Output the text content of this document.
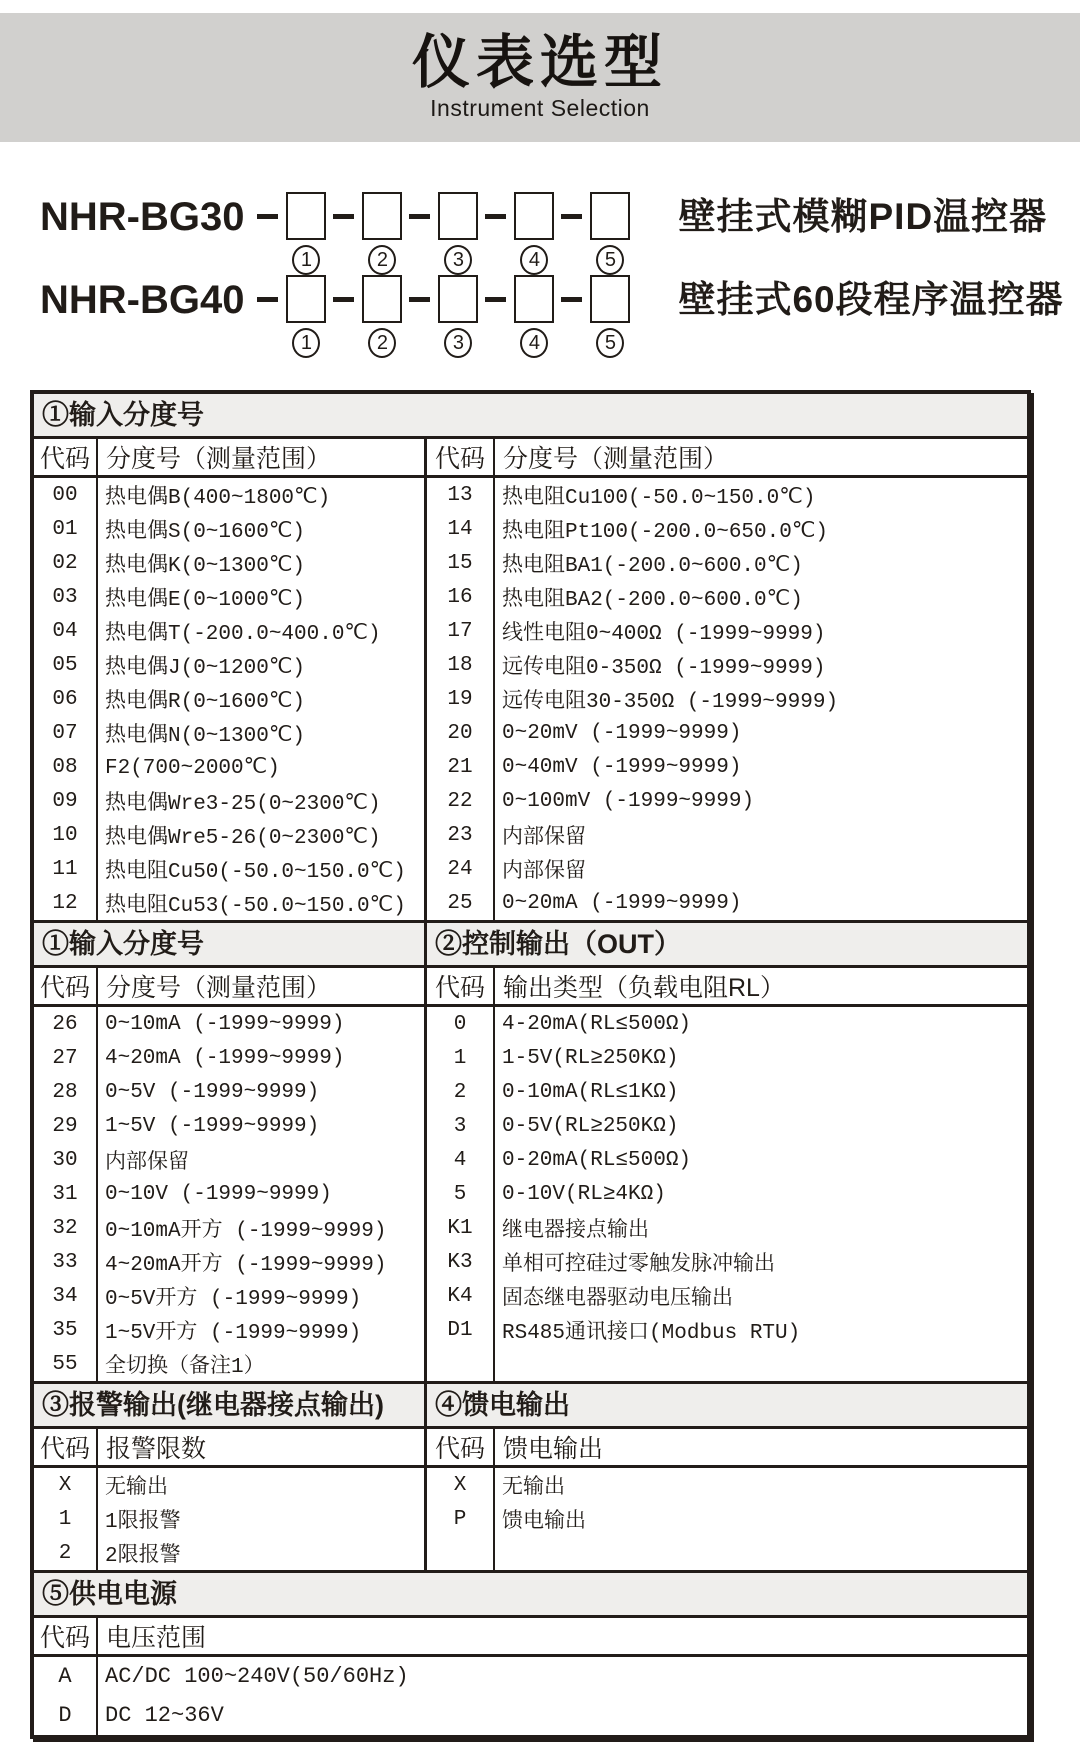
仪表选型
Instrument Selection
NHR-BG30
1	2	3	4	5
壁挂式模糊PID温控器
NHR-BG40
1	2	3	4	5
壁挂式60段程序温控器
①输入分度号
代码 分度号（测量范围）
00	热电偶B(400~1800℃)
01	热电偶S(0~1600℃)
02	热电偶K(0~1300℃)
03	热电偶E(0~1000℃)
04	热电偶T(-200.0~400.0℃)
05	热电偶J(0~1200℃)
06	热电偶R(0~1600℃)
07	热电偶N(0~1300℃)
08	F2(700~2000℃)
09	热电偶Wre3-25(0~2300℃)
10	热电偶Wre5-26(0~2300℃)
11	热电阻Cu50(-50.0~150.0℃)
12	热电阻Cu53(-50.0~150.0℃)
代码 分度号（测量范围）
13	热电阻Cu100(-50.0~150.0℃)
14	热电阻Pt100(-200.0~650.0℃)
15	热电阻BA1(-200.0~600.0℃)
16	热电阻BA2(-200.0~600.0℃)
17	线性电阻0~400Ω (-1999~9999)
18	远传电阻0-350Ω (-1999~9999)
19	远传电阻30-350Ω (-1999~9999)
20	0~20mV (-1999~9999)
21	0~40mV (-1999~9999)
22	0~100mV (-1999~9999)
23	内部保留
24	内部保留
25	0~20mA (-1999~9999)
①输入分度号	②控制输出（OUT）
代码 分度号（测量范围）
26	0~10mA (-1999~9999)
27	4~20mA (-1999~9999)
28	0~5V (-1999~9999)
29	1~5V (-1999~9999)
30	内部保留
31	0~10V (-1999~9999)
32	0~10mA开方 (-1999~9999)
33	4~20mA开方 (-1999~9999)
34	0~5V开方 (-1999~9999)
35	1~5V开方 (-1999~9999)
55	全切换（备注1）
代码 输出类型（负载电阻RL）
0	4-20mA(RL≤500Ω)
1	1-5V(RL≥250KΩ)
2	0-10mA(RL≤1KΩ)
3	0-5V(RL≥250KΩ)
4	0-20mA(RL≤500Ω)
5	0-10V(RL≥4KΩ)
K1	继电器接点输出
K3	单相可控硅过零触发脉冲输出
K4	固态继电器驱动电压输出
D1	RS485通讯接口(Modbus RTU)
③报警输出(继电器接点输出)	④馈电输出
代码 报警限数
X	无输出
1	1限报警
2	2限报警
代码 馈电输出
X	无输出
P	馈电输出
⑤供电电源
代码 电压范围
A	AC/DC 100~240V(50/60Hz)
D	DC 12~36V
